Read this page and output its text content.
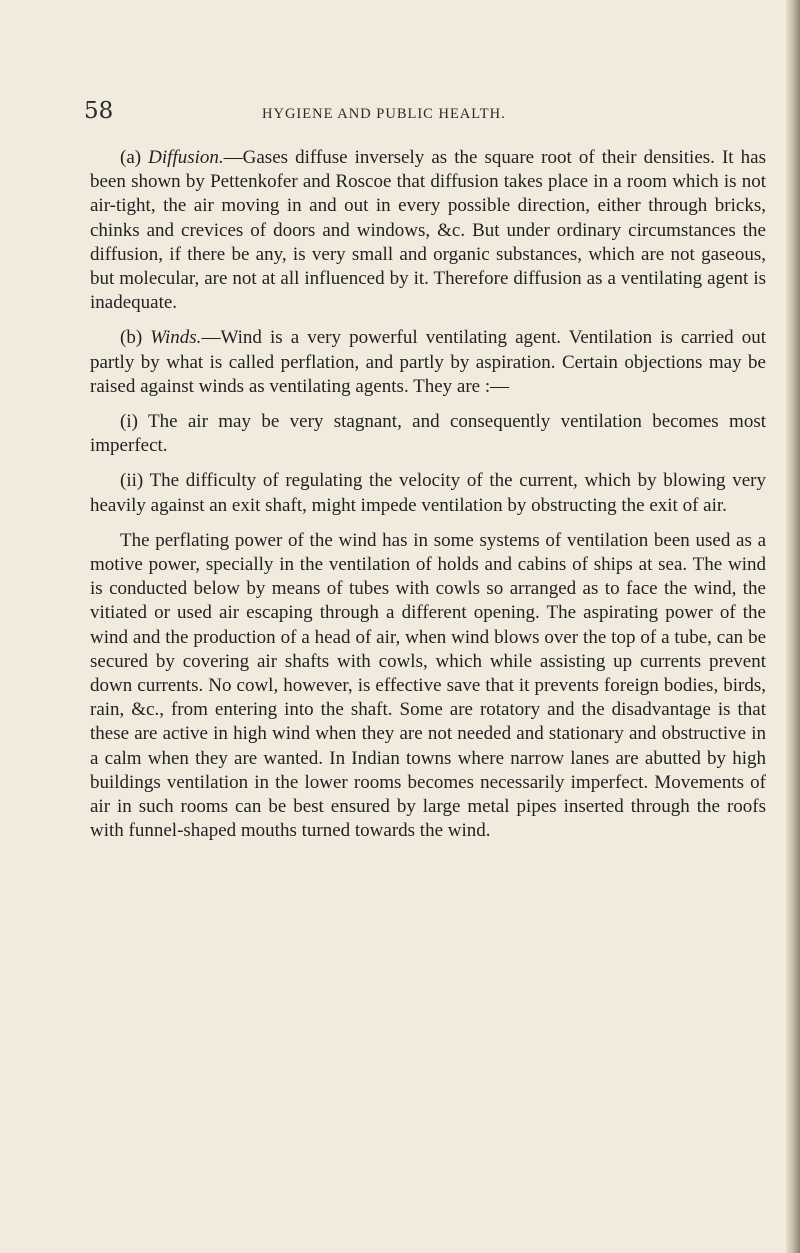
58	HYGIENE AND PUBLIC HEALTH.

(a) Diffusion.—Gases diffuse inversely as the square root of their densities. It has been shown by Pettenkofer and Roscoe that diffusion takes place in a room which is not air-tight, the air moving in and out in every possible direction, either through bricks, chinks and crevices of doors and windows, &c. But under ordinary circumstances the diffusion, if there be any, is very small and organic substances, which are not gaseous, but molecular, are not at all influenced by it. Therefore diffusion as a ventilating agent is inadequate.

(b) Winds.—Wind is a very powerful ventilating agent. Ventilation is carried out partly by what is called perflation, and partly by aspiration. Certain objections may be raised against winds as ventilating agents. They are :—

(i) The air may be very stagnant, and consequently ventilation becomes most imperfect.

(ii) The difficulty of regulating the velocity of the current, which by blowing very heavily against an exit shaft, might impede ventilation by obstructing the exit of air.

The perflating power of the wind has in some systems of ventilation been used as a motive power, specially in the ventilation of holds and cabins of ships at sea. The wind is conducted below by means of tubes with cowls so arranged as to face the wind, the vitiated or used air escaping through a different opening. The aspirating power of the wind and the production of a head of air, when wind blows over the top of a tube, can be secured by covering air shafts with cowls, which while assisting up currents prevent down currents. No cowl, however, is effective save that it prevents foreign bodies, birds, rain, &c., from entering into the shaft. Some are rotatory and the disadvantage is that these are active in high wind when they are not needed and stationary and obstructive in a calm when they are wanted. In Indian towns where narrow lanes are abutted by high buildings ventilation in the lower rooms becomes necessarily imperfect. Movements of air in such rooms can be best ensured by large metal pipes inserted through the roofs with funnel-shaped mouths turned towards the wind.
